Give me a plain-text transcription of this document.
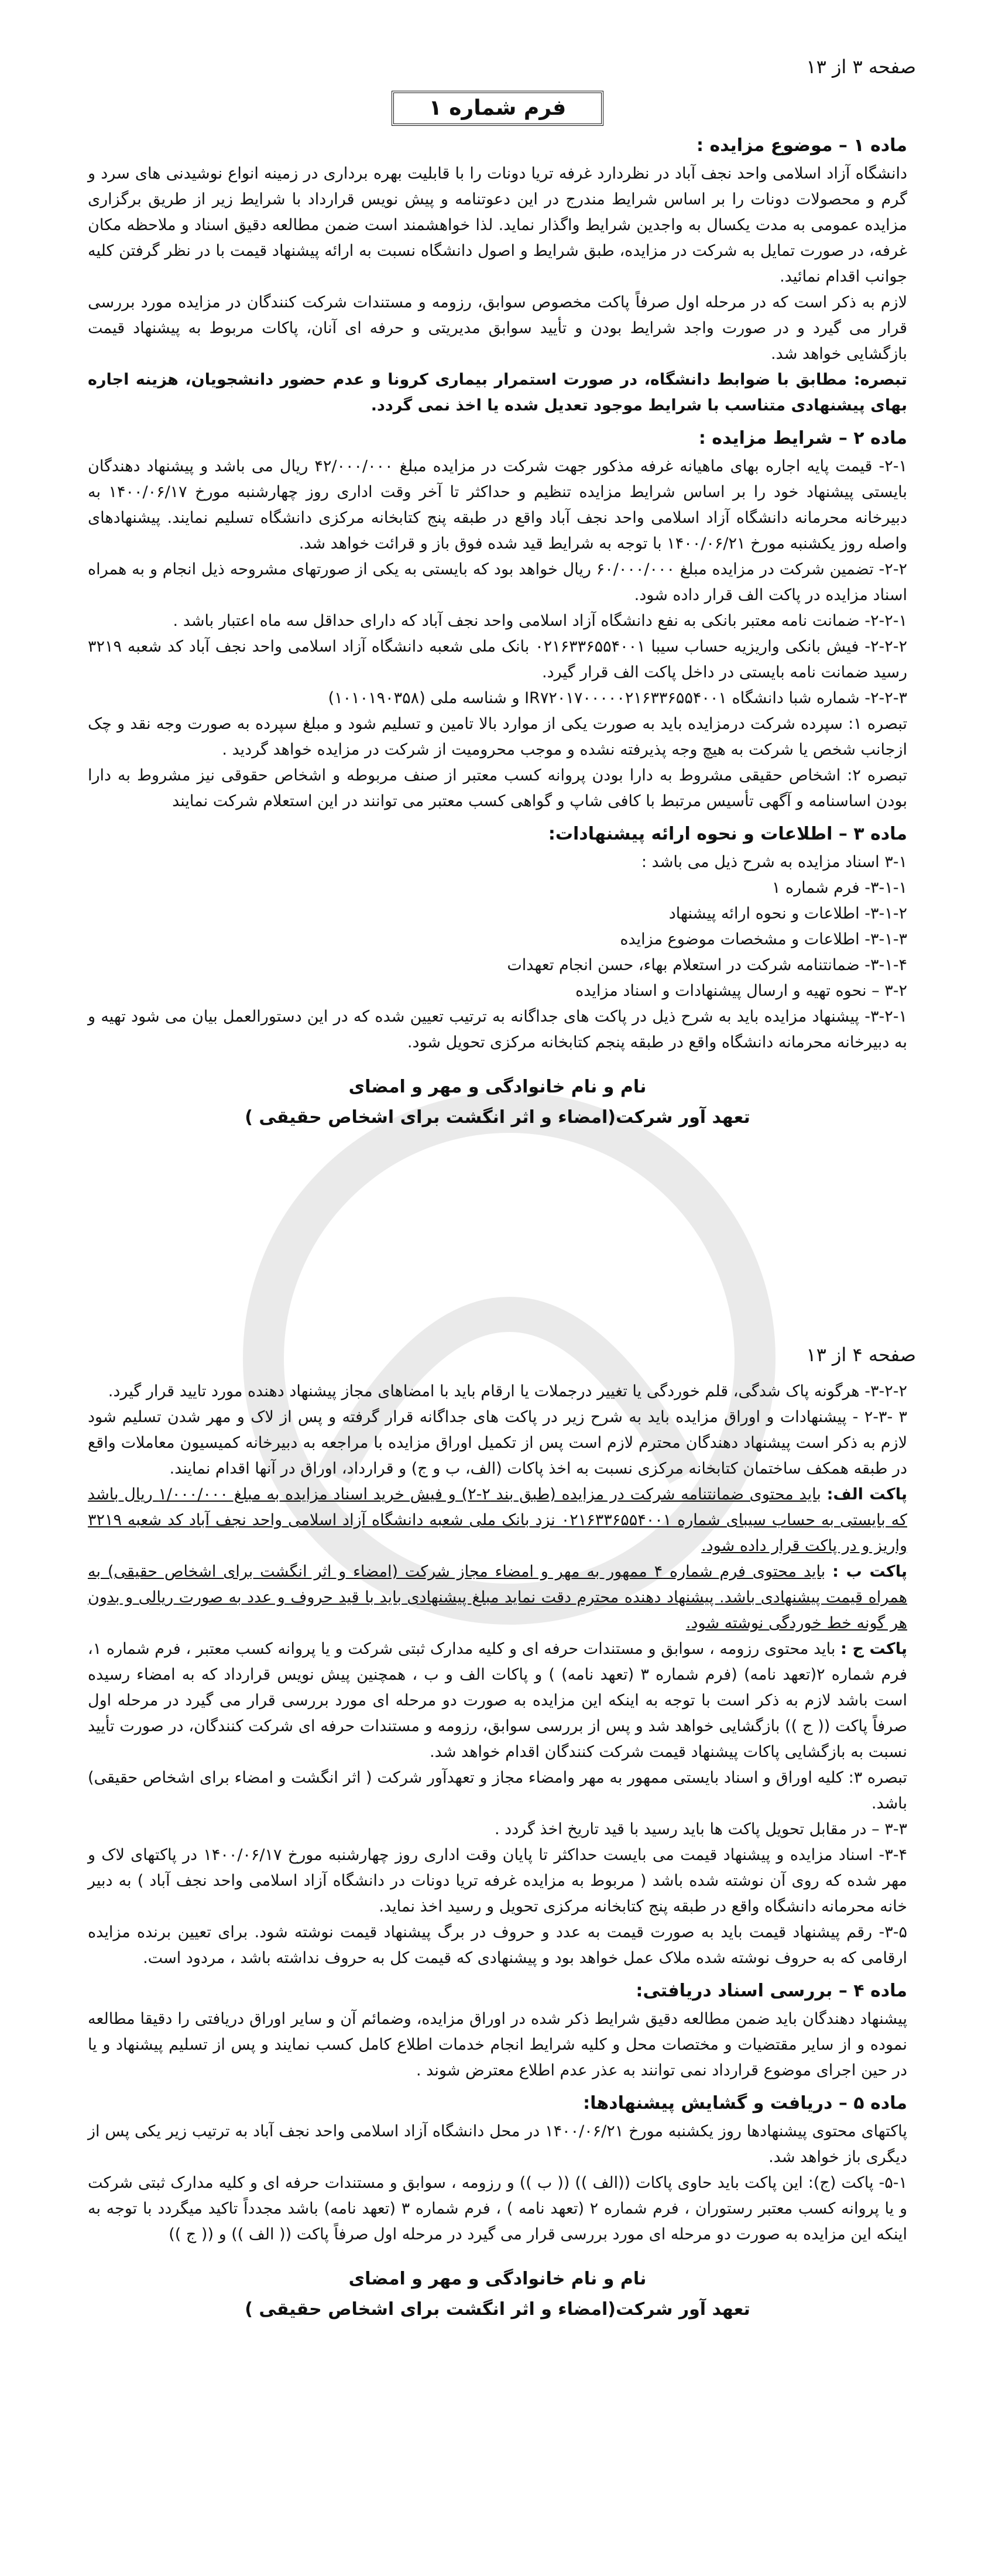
صفحه ۳ از ۱۳
فرم شماره ۱
ماده ۱ – موضوع مزایده :

دانشگاه آزاد اسلامی واحد نجف آباد در نظردارد غرفه تریا دونات را با قابلیت بهره برداری در زمینه انواع نوشیدنی های سرد و گرم و محصولات دونات را بر اساس شرایط مندرج در این دعوتنامه و پیش نویس قرارداد با شرایط زیر از طریق برگزاری مزایده عمومی به مدت یکسال به واجدین شرایط واگذار نماید. لذا خواهشمند است ضمن مطالعه دقیق اسناد و ملاحظه مکان غرفه، در صورت تمایل به شرکت در مزایده، طبق شرایط و اصول دانشگاه نسبت به ارائه پیشنهاد قیمت با در نظر گرفتن کلیه جوانب اقدام نمائید.

لازم به ذکر است که در مرحله اول صرفاً پاکت مخصوص سوابق، رزومه و مستندات شرکت کنندگان در مزایده مورد بررسی قرار می گیرد و در صورت واجد شرایط بودن و تأیید سوابق مدیریتی و حرفه ای آنان، پاکات مربوط به پیشنهاد قیمت بازگشایی خواهد شد.

تبصره: مطابق با ضوابط دانشگاه، در صورت استمرار بیماری کرونا و عدم حضور دانشجویان، هزینه اجاره بهای پیشنهادی متناسب با شرایط موجود تعدیل شده یا اخذ نمی گردد.

ماده ۲ – شرایط مزایده :

۲-۱- قیمت پایه اجاره بهای ماهیانه غرفه مذکور جهت شرکت در مزایده مبلغ ۴۲/۰۰۰/۰۰۰ ریال می باشد و پیشنهاد دهندگان بایستی پیشنهاد خود را بر اساس شرایط مزایده تنظیم و حداکثر تا آخر وقت اداری روز چهارشنبه مورخ ۱۴۰۰/۰۶/۱۷ به دبیرخانه محرمانه دانشگاه آزاد اسلامی واحد نجف آباد واقع در طبقه پنج کتابخانه مرکزی دانشگاه تسلیم نمایند. پیشنهادهای واصله روز یکشنبه مورخ ۱۴۰۰/۰۶/۲۱ با توجه به شرایط قید شده فوق باز و قرائت خواهد شد.

۲-۲- تضمین شرکت در مزایده مبلغ ۶۰/۰۰۰/۰۰۰ ریال خواهد بود که بایستی به یکی از صورتهای مشروحه ذیل انجام و به همراه اسناد مزایده در پاکت الف قرار داده شود.

۲-۲-۱- ضمانت نامه معتبر بانکی به نفع دانشگاه آزاد اسلامی واحد نجف آباد که دارای حداقل سه ماه اعتبار باشد .

۲-۲-۲- فیش بانکی واریزیه حساب سیبا ۰۲۱۶۳۳۶۵۵۴۰۰۱ بانک ملی شعبه دانشگاه آزاد اسلامی واحد نجف آباد کد شعبه ۳۲۱۹ رسید ضمانت نامه بایستی در داخل پاکت الف قرار گیرد.

۲-۲-۳- شماره شبا دانشگاه IR۷۲۰۱۷۰۰۰۰۰۲۱۶۳۳۶۵۵۴۰۰۱ و شناسه ملی (۱۰۱۰۱۹۰۳۵۸)

تبصره ۱: سپرده شرکت درمزایده باید به صورت یکی از موارد بالا تامین و تسلیم شود و مبلغ سپرده به صورت وجه نقد و چک ازجانب شخص یا شرکت به هیچ وجه پذیرفته نشده و موجب محرومیت از شرکت در مزایده خواهد گردید .

تبصره ۲: اشخاص حقیقی مشروط به دارا بودن پروانه کسب معتبر از صنف مربوطه و اشخاص حقوقی نیز مشروط به دارا بودن اساسنامه و آگهی تأسیس مرتبط با کافی شاپ و گواهی کسب معتبر می توانند در این استعلام شرکت نمایند

ماده ۳ – اطلاعات و نحوه ارائه پیشنهادات:

۳-۱ اسناد مزایده به شرح ذیل می باشد :

۳-۱-۱- فرم شماره ۱

۳-۱-۲- اطلاعات و نحوه ارائه پیشنهاد

۳-۱-۳- اطلاعات و مشخصات موضوع مزایده

۳-۱-۴- ضمانتنامه شرکت در استعلام بهاء، حسن انجام تعهدات

۳-۲ – نحوه تهیه و ارسال پیشنهادات و اسناد مزایده

۳-۲-۱- پیشنهاد مزایده باید به شرح ذیل در پاکت های جداگانه به ترتیب تعیین شده که در این دستورالعمل بیان می شود تهیه و به دبیرخانه محرمانه دانشگاه واقع در طبقه پنجم کتابخانه مرکزی تحویل شود.

نام و نام خانوادگی و مهر و امضای
تعهد آور شرکت(امضاء و اثر انگشت برای اشخاص حقیقی )
صفحه ۴ از ۱۳

۳-۲-۲- هرگونه پاک شدگی، قلم خوردگی یا تغییر درجملات یا ارقام باید با امضاهای مجاز پیشنهاد دهنده مورد تایید قرار گیرد.

۳ -۲-۳ - پیشنهادات و اوراق مزایده باید به شرح زیر در پاکت های جداگانه قرار گرفته و پس از لاک و مهر شدن تسلیم شود لازم به ذکر است پیشنهاد دهندگان محترم لازم است پس از تکمیل اوراق مزایده با مراجعه به دبیرخانه کمیسیون معاملات واقع در طبقه همکف ساختمان کتابخانه مرکزی نسبت به اخذ پاکات (الف، ب و ج) و قرارداد، اوراق در آنها اقدام نمایند.

پاکت الف: باید محتوی ضمانتنامه شرکت در مزایده (طبق بند ۲-۲) و فیش خرید اسناد مزایده به مبلغ ۱/۰۰۰/۰۰۰ ریال باشد که بایستی به حساب سیبای شماره ۰۲۱۶۳۳۶۵۵۴۰۰۱ نزد بانک ملی شعبه دانشگاه آزاد اسلامی واحد نجف آباد کد شعبه ۳۲۱۹ واریز و در پاکت قرار داده شود.

پاکت ب : باید محتوی فرم شماره ۴ ممهور به مهر و امضاء مجاز شرکت (امضاء و اثر انگشت برای اشخاص حقیقی) به همراه قیمت پیشنهادی باشد. پیشنهاد دهنده محترم دقت نماید مبلغ پیشنهادی باید با قید حروف و عدد به صورت ریالی و بدون هر گونه خط خوردگی نوشته شود.

پاکت ج : باید محتوی رزومه ، سوابق و مستندات حرفه ای و کلیه مدارک ثبتی شرکت و یا پروانه کسب معتبر ، فرم شماره ۱، فرم شماره ۲(تعهد نامه) (فرم شماره ۳ (تعهد نامه) ) و پاکات الف و ب ، همچنین پیش نویس قرارداد که به امضاء رسیده است باشد لازم به ذکر است با توجه به اینکه این مزایده به صورت دو مرحله ای مورد بررسی قرار می گیرد در مرحله اول صرفاً پاکت (( ج )) بازگشایی خواهد شد و پس از بررسی سوابق، رزومه و مستندات حرفه ای شرکت کنندگان، در صورت تأیید نسبت به بازگشایی پاکات پیشنهاد قیمت شرکت کنندگان اقدام خواهد شد.

تبصره ۳: کلیه اوراق و اسناد بایستی ممهور به مهر وامضاء مجاز و تعهدآور شرکت ( اثر انگشت و امضاء برای اشخاص حقیقی) باشد.

۳-۳ – در مقابل تحویل پاکت ها باید رسید با قید تاریخ اخذ گردد .

۳-۴- اسناد مزایده و پیشنهاد قیمت می بایست حداکثر تا پایان وقت اداری روز چهارشنبه مورخ ۱۴۰۰/۰۶/۱۷ در پاکتهای لاک و مهر شده که روی آن نوشته شده باشد ( مربوط به مزایده غرفه تریا دونات در دانشگاه آزاد اسلامی واحد نجف آباد ) به دبیر خانه محرمانه دانشگاه واقع در طبقه پنج کتابخانه مرکزی تحویل و رسید اخذ نماید.

۳-۵- رقم پیشنهاد قیمت باید به صورت قیمت به عدد و حروف در برگ پیشنهاد قیمت نوشته شود. برای تعیین برنده مزایده ارقامی که به حروف نوشته شده ملاک عمل خواهد بود و پیشنهادی که قیمت کل به حروف نداشته باشد ، مردود است.

ماده ۴ – بررسی اسناد دریافتی:

پیشنهاد دهندگان باید ضمن مطالعه دقیق شرایط ذکر شده در اوراق مزایده، وضمائم آن و سایر اوراق دریافتی را دقیقا مطالعه نموده و از سایر مقتضیات و مختصات محل و کلیه شرایط انجام خدمات اطلاع کامل کسب نمایند و پس از تسلیم پیشنهاد و یا در حین اجرای موضوع قرارداد نمی توانند به عذر عدم اطلاع معترض شوند .

ماده ۵ – دریافت و گشایش پیشنهادها:

پاکتهای محتوی پیشنهادها روز یکشنبه مورخ ۱۴۰۰/۰۶/۲۱ در محل دانشگاه آزاد اسلامی واحد نجف آباد به ترتیب زیر یکی پس از دیگری باز خواهد شد.

۵-۱- پاکت (ج): این پاکت باید حاوی پاکات ((الف )) (( ب )) و رزومه ، سوابق و مستندات حرفه ای و کلیه مدارک ثبتی شرکت و یا پروانه کسب معتبر رستوران ، فرم شماره ۲ (تعهد نامه ) ، فرم شماره ۳ (تعهد نامه) باشد مجدداً تاکید میگردد با توجه به اینکه این مزایده به صورت دو مرحله ای مورد بررسی قرار می گیرد در مرحله اول صرفاً پاکت (( الف )) و (( ج ))

نام و نام خانوادگی و مهر و امضای
تعهد آور شرکت(امضاء و اثر انگشت برای اشخاص حقیقی )
